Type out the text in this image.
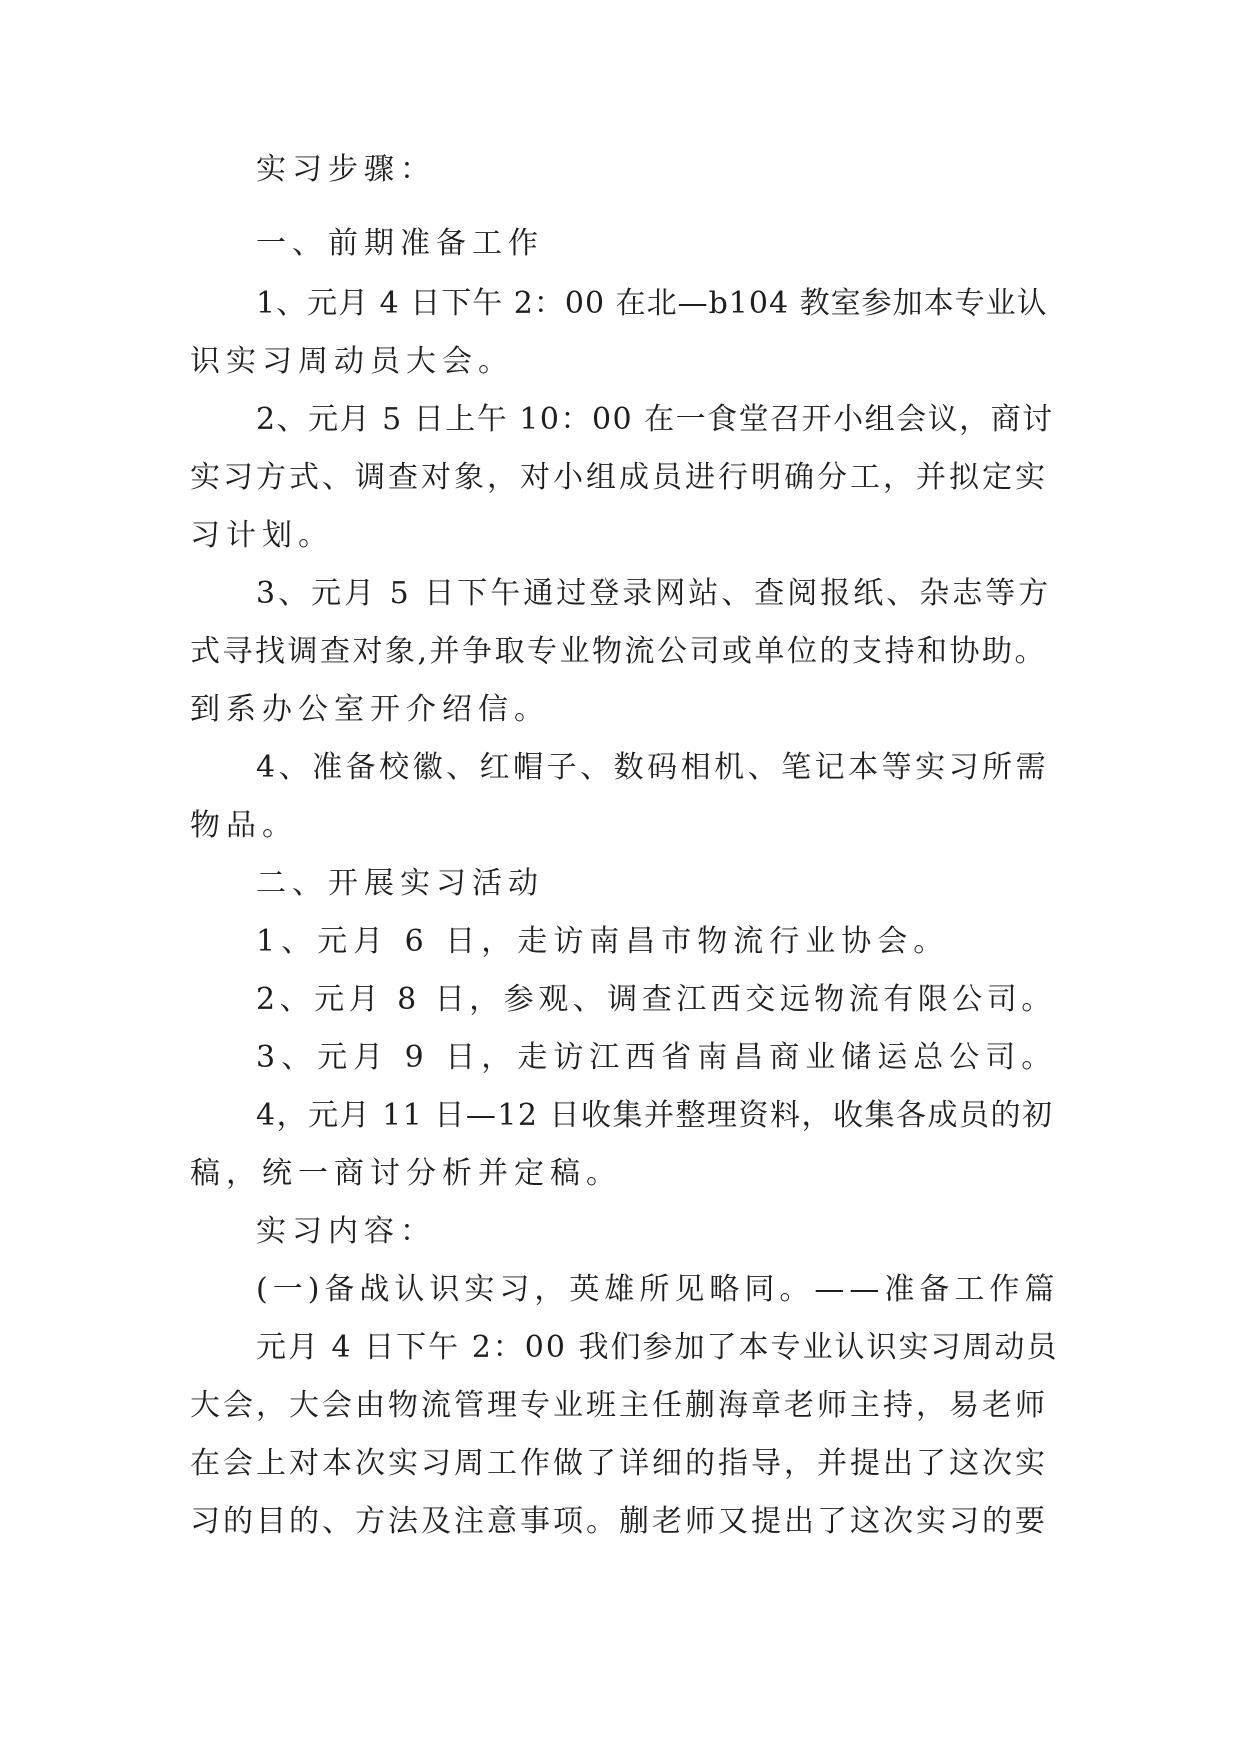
实习步骤：
一、前期准备工作
1、元月 4 日下午 2：00 在北—b104 教室参加本专业认
识实习周动员大会。
2、元月 5 日上午 10：00 在一食堂召开小组会议，商讨
实习方式、调查对象，对小组成员进行明确分工，并拟定实
习计划。
3、元月 5 日下午通过登录网站、查阅报纸、杂志等方
式寻找调查对象,并争取专业物流公司或单位的支持和协助。
到系办公室开介绍信。
4、准备校徽、红帽子、数码相机、笔记本等实习所需
物品。
二、开展实习活动
1、元月 6 日，走访南昌市物流行业协会。
2、元月 8 日，参观、调查江西交远物流有限公司。
3、元月 9 日，走访江西省南昌商业储运总公司。
4，元月 11 日—12 日收集并整理资料，收集各成员的初
稿，统一商讨分析并定稿。
实习内容：
(一)备战认识实习，英雄所见略同。——准备工作篇
元月 4 日下午 2：00 我们参加了本专业认识实习周动员
大会，大会由物流管理专业班主任蒯海章老师主持，易老师
在会上对本次实习周工作做了详细的指导，并提出了这次实
习的目的、方法及注意事项。蒯老师又提出了这次实习的要
